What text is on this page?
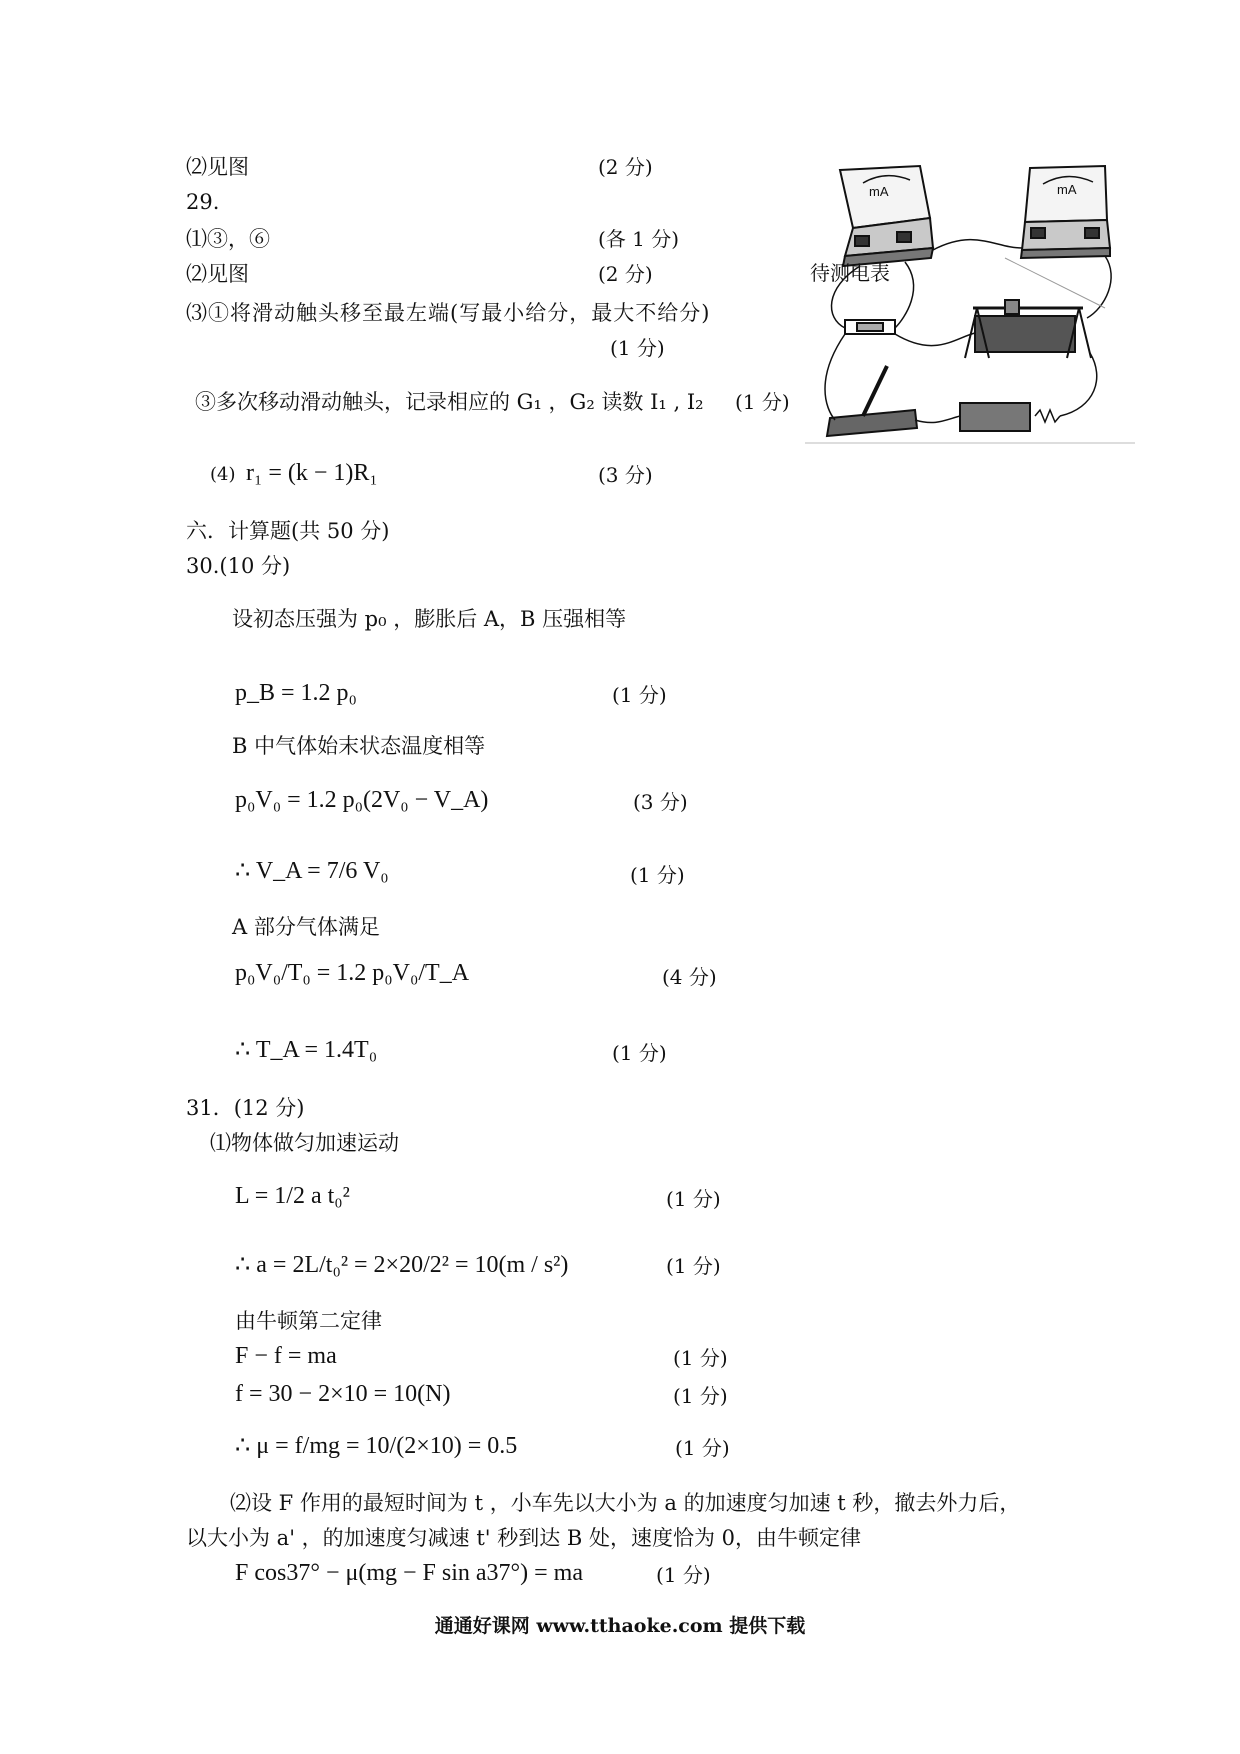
⑵见图	(2 分)
29.
⑴③，⑥	(各 1 分)
⑵见图	(2 分)
⑶①将滑动触头移至最左端(写最小给分，最大不给分)
(1 分)
③多次移动滑动触头，记录相应的 G₁ ，G₂ 读数 I₁ , I₂ (1 分)
(4) r₁ = (k − 1)R₁	(3 分)
mA	mA
待测电表
六．计算题(共 50 分)
30.(10 分)
设初态压强为 p₀ ，膨胀后 A，B 压强相等
p_B = 1.2 p₀	(1 分)
B 中气体始末状态温度相等
p₀V₀ = 1.2 p₀(2V₀ − V_A)	(3 分)
∴ V_A = 7/6 V₀	(1 分)
A 部分气体满足
p₀V₀/T₀ = 1.2 p₀V₀/T_A	(4 分)
∴ T_A = 1.4T₀	(1 分)
31．(12 分)
⑴物体做匀加速运动
L = 1/2 a t₀²	(1 分)
∴ a = 2L/t₀² = 2×20/2² = 10(m / s²)	(1 分)
由牛顿第二定律
F − f = ma	(1 分)
f = 30 − 2×10 = 10(N)	(1 分)
∴ μ = f/mg = 10/(2×10) = 0.5	(1 分)
⑵设 F 作用的最短时间为 t ，小车先以大小为 a 的加速度匀加速 t 秒，撤去外力后，
以大小为 a' ，的加速度匀减速 t' 秒到达 B 处，速度恰为 0，由牛顿定律
F cos37° − μ(mg − F sin a37°) = ma	(1 分)
通通好课网 www.tthaoke.com 提供下载
